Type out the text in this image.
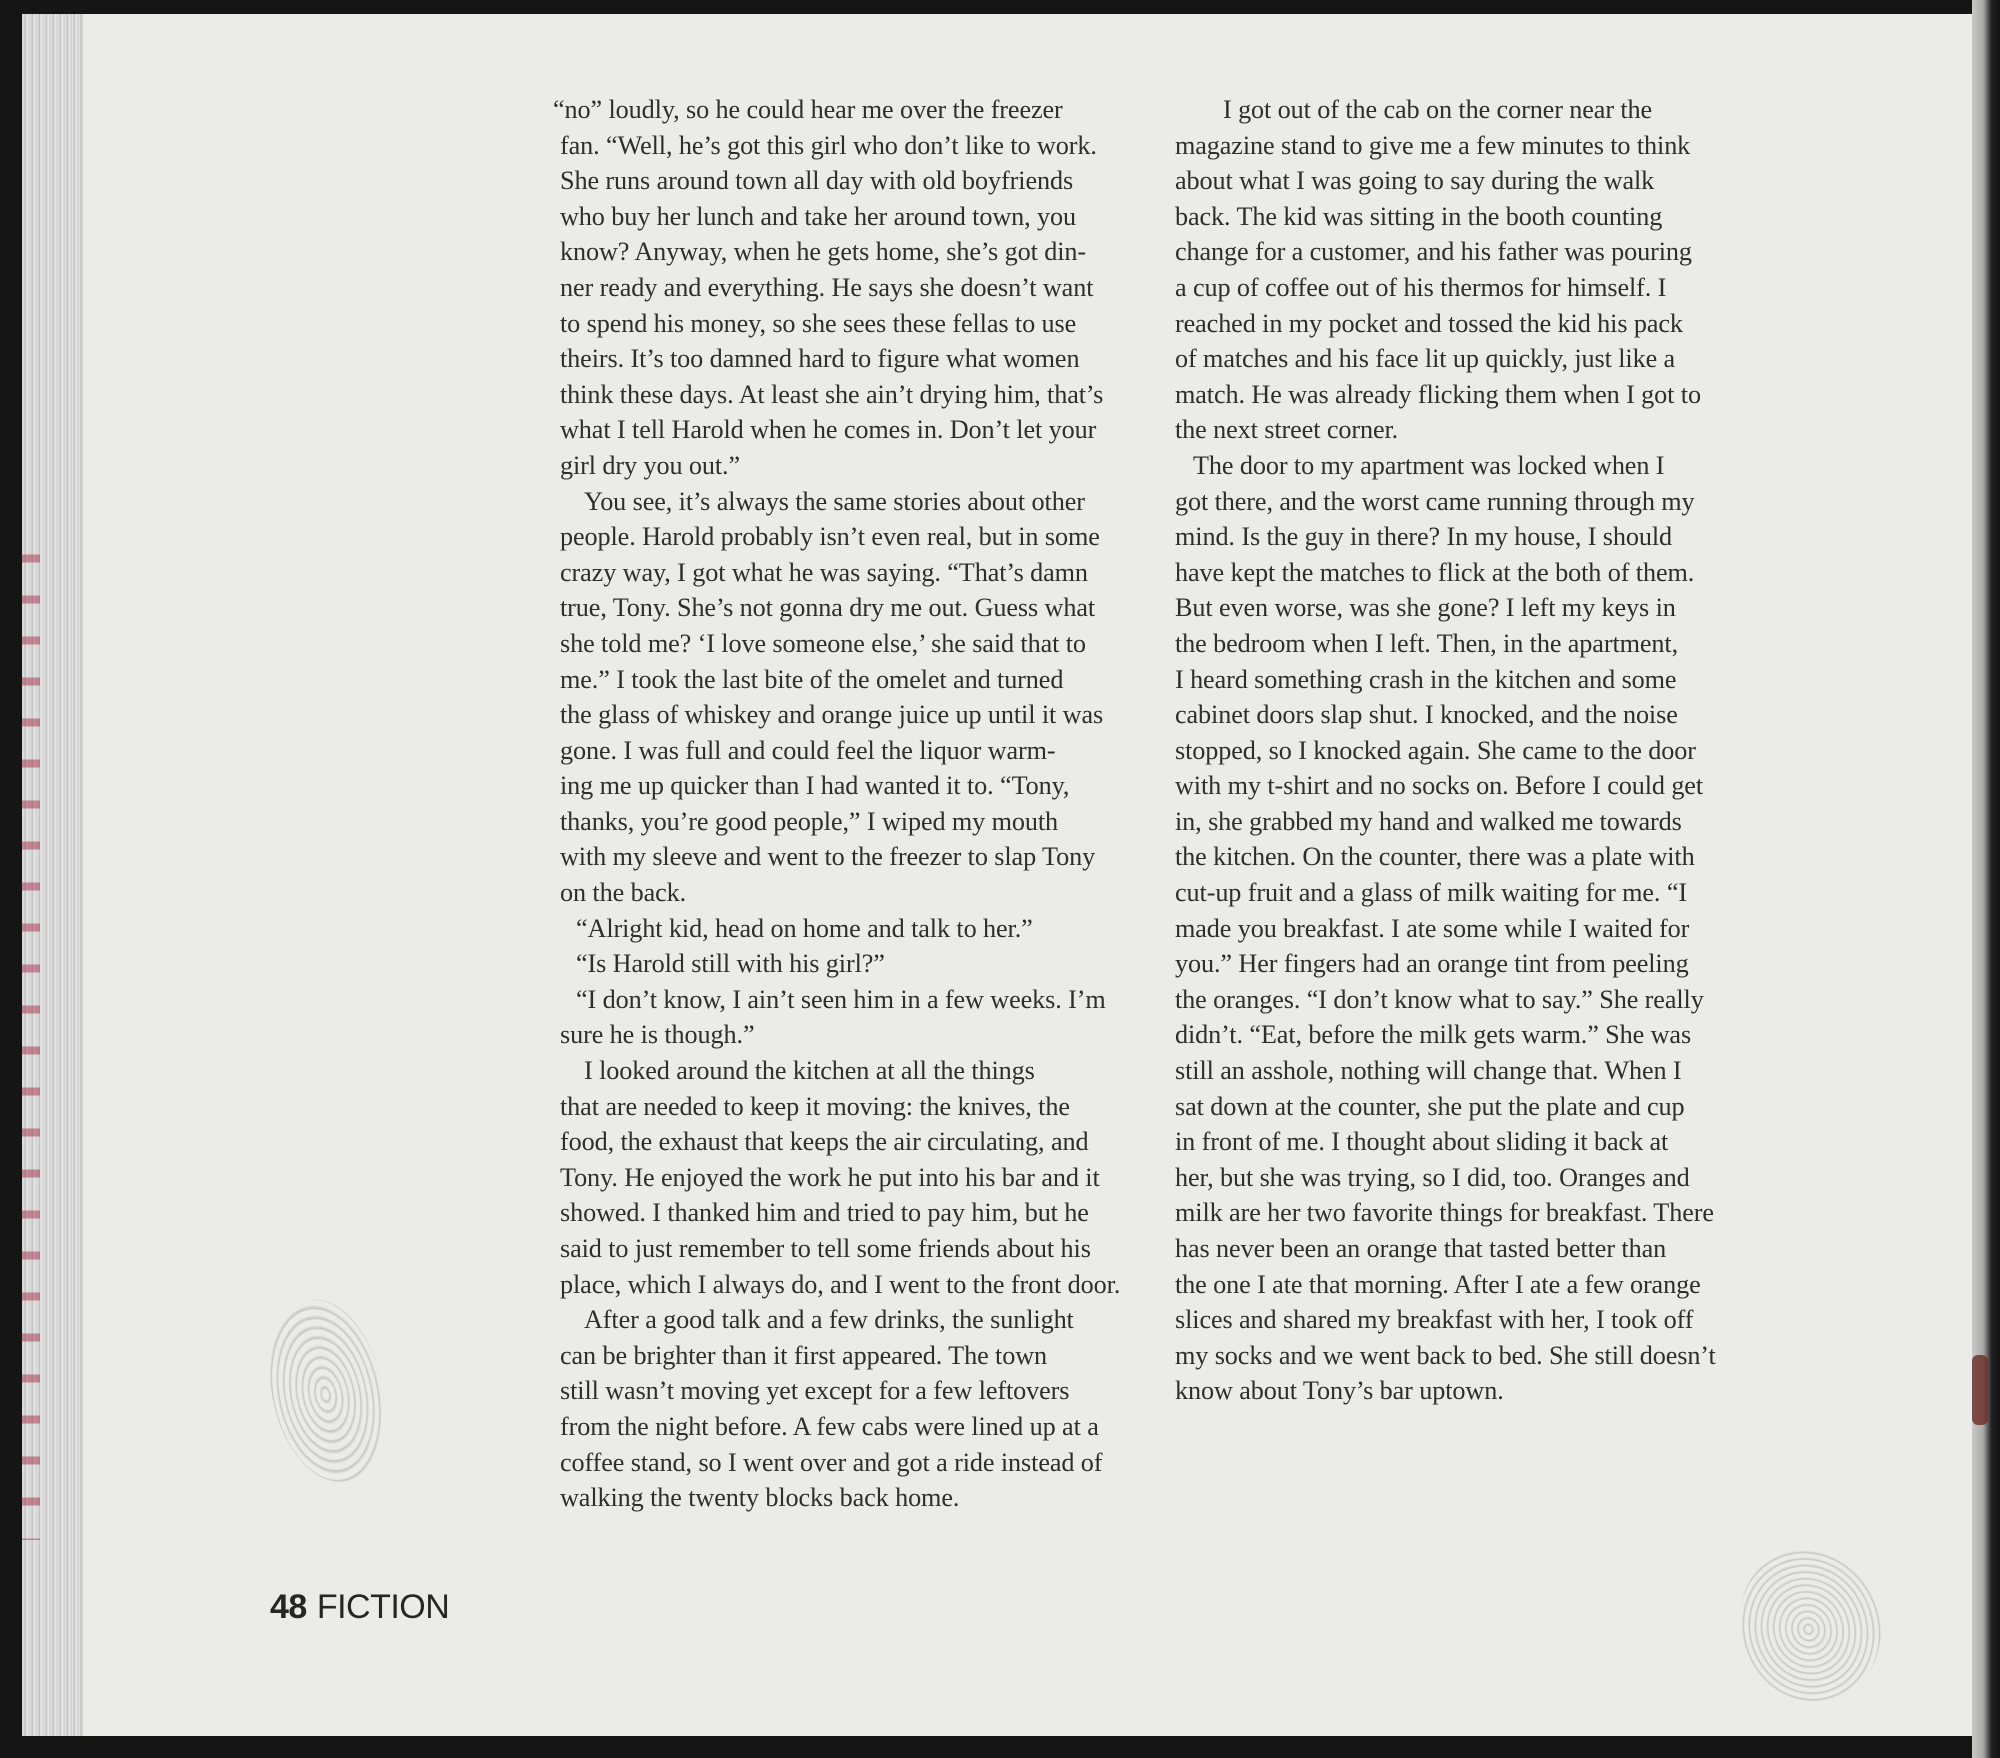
“no” loudly, so he could hear me over the freezer
fan. “Well, he’s got this girl who don’t like to work.
She runs around town all day with old boyfriends
who buy her lunch and take her around town, you
know? Anyway, when he gets home, she’s got din-
ner ready and everything. He says she doesn’t want
to spend his money, so she sees these fellas to use
theirs. It’s too damned hard to figure what women
think these days. At least she ain’t drying him, that’s
what I tell Harold when he comes in. Don’t let your
girl dry you out.”
You see, it’s always the same stories about other
people. Harold probably isn’t even real, but in some
crazy way, I got what he was saying. “That’s damn
true, Tony. She’s not gonna dry me out. Guess what
she told me? ‘I love someone else,’ she said that to
me.” I took the last bite of the omelet and turned
the glass of whiskey and orange juice up until it was
gone. I was full and could feel the liquor warm-
ing me up quicker than I had wanted it to. “Tony,
thanks, you’re good people,” I wiped my mouth
with my sleeve and went to the freezer to slap Tony
on the back.
“Alright kid, head on home and talk to her.”
“Is Harold still with his girl?”
“I don’t know, I ain’t seen him in a few weeks. I’m
sure he is though.”
I looked around the kitchen at all the things
that are needed to keep it moving: the knives, the
food, the exhaust that keeps the air circulating, and
Tony. He enjoyed the work he put into his bar and it
showed. I thanked him and tried to pay him, but he
said to just remember to tell some friends about his
place, which I always do, and I went to the front door.
After a good talk and a few drinks, the sunlight
can be brighter than it first appeared. The town
still wasn’t moving yet except for a few leftovers
from the night before. A few cabs were lined up at a
coffee stand, so I went over and got a ride instead of
walking the twenty blocks back home.
I got out of the cab on the corner near the
magazine stand to give me a few minutes to think
about what I was going to say during the walk
back. The kid was sitting in the booth counting
change for a customer, and his father was pouring
a cup of coffee out of his thermos for himself. I
reached in my pocket and tossed the kid his pack
of matches and his face lit up quickly, just like a
match. He was already flicking them when I got to
the next street corner.
The door to my apartment was locked when I
got there, and the worst came running through my
mind. Is the guy in there? In my house, I should
have kept the matches to flick at the both of them.
But even worse, was she gone? I left my keys in
the bedroom when I left. Then, in the apartment,
I heard something crash in the kitchen and some
cabinet doors slap shut. I knocked, and the noise
stopped, so I knocked again. She came to the door
with my t-shirt and no socks on. Before I could get
in, she grabbed my hand and walked me towards
the kitchen. On the counter, there was a plate with
cut-up fruit and a glass of milk waiting for me. “I
made you breakfast. I ate some while I waited for
you.” Her fingers had an orange tint from peeling
the oranges. “I don’t know what to say.” She really
didn’t. “Eat, before the milk gets warm.” She was
still an asshole, nothing will change that. When I
sat down at the counter, she put the plate and cup
in front of me. I thought about sliding it back at
her, but she was trying, so I did, too. Oranges and
milk are her two favorite things for breakfast. There
has never been an orange that tasted better than
the one I ate that morning. After I ate a few orange
slices and shared my breakfast with her, I took off
my socks and we went back to bed. She still doesn’t
know about Tony’s bar uptown.
48 FICTION
